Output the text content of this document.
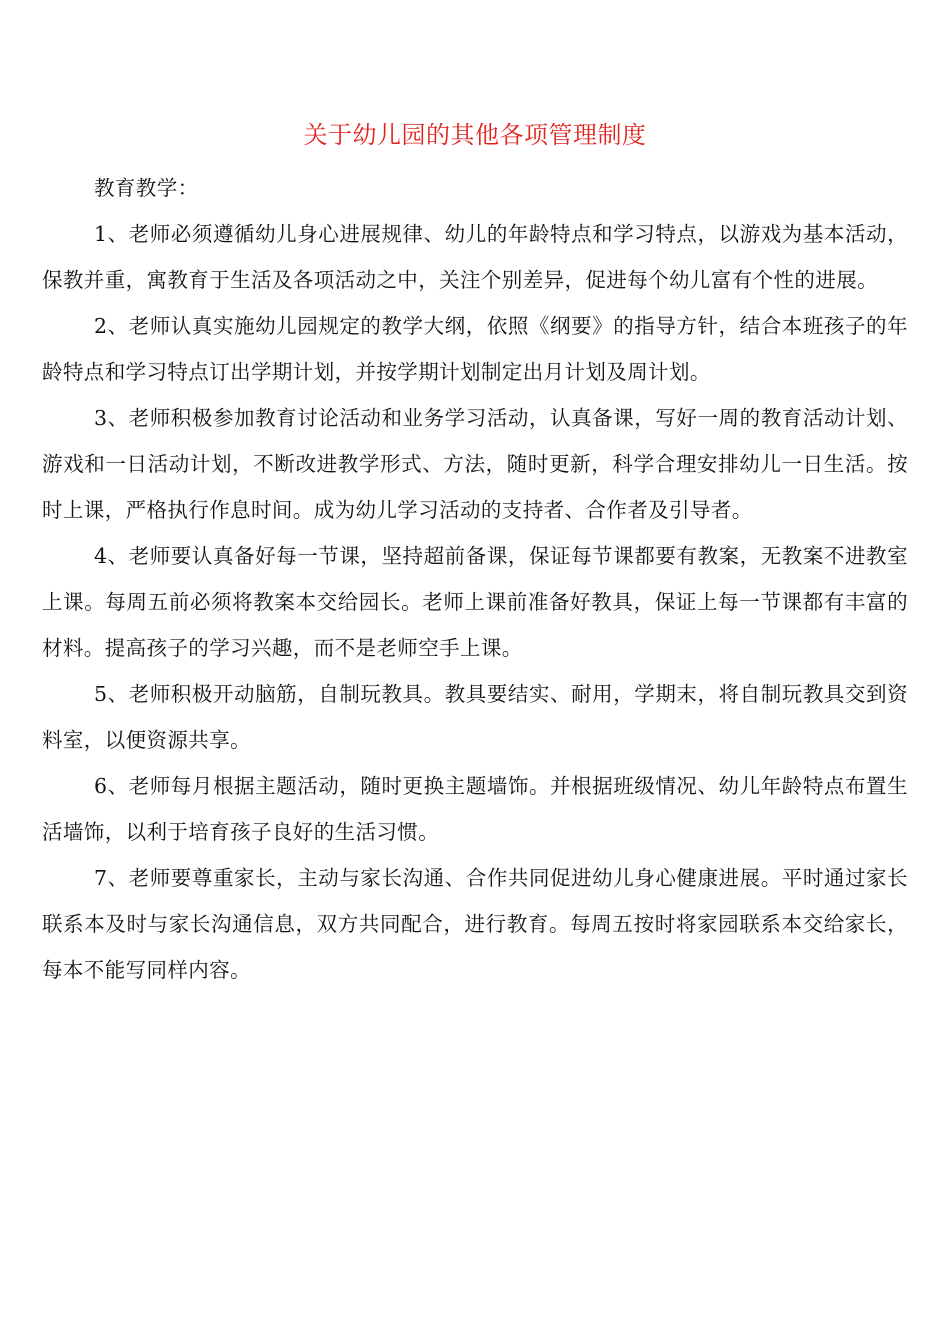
关于幼儿园的其他各项管理制度

教育教学：

1、老师必须遵循幼儿身心进展规律、幼儿的年龄特点和学习特点，以游戏为基本活动，保教并重，寓教育于生活及各项活动之中，关注个别差异，促进每个幼儿富有个性的进展。

2、老师认真实施幼儿园规定的教学大纲，依照《纲要》的指导方针，结合本班孩子的年龄特点和学习特点订出学期计划，并按学期计划制定出月计划及周计划。

3、老师积极参加教育讨论活动和业务学习活动，认真备课，写好一周的教育活动计划、游戏和一日活动计划，不断改进教学形式、方法，随时更新，科学合理安排幼儿一日生活。按时上课，严格执行作息时间。成为幼儿学习活动的支持者、合作者及引导者。

4、老师要认真备好每一节课，坚持超前备课，保证每节课都要有教案，无教案不进教室上课。每周五前必须将教案本交给园长。老师上课前准备好教具，保证上每一节课都有丰富的材料。提高孩子的学习兴趣，而不是老师空手上课。

5、老师积极开动脑筋，自制玩教具。教具要结实、耐用，学期末，将自制玩教具交到资料室，以便资源共享。

6、老师每月根据主题活动，随时更换主题墙饰。并根据班级情况、幼儿年龄特点布置生活墙饰，以利于培育孩子良好的生活习惯。

7、老师要尊重家长，主动与家长沟通、合作共同促进幼儿身心健康进展。平时通过家长联系本及时与家长沟通信息，双方共同配合，进行教育。每周五按时将家园联系本交给家长，每本不能写同样内容。
